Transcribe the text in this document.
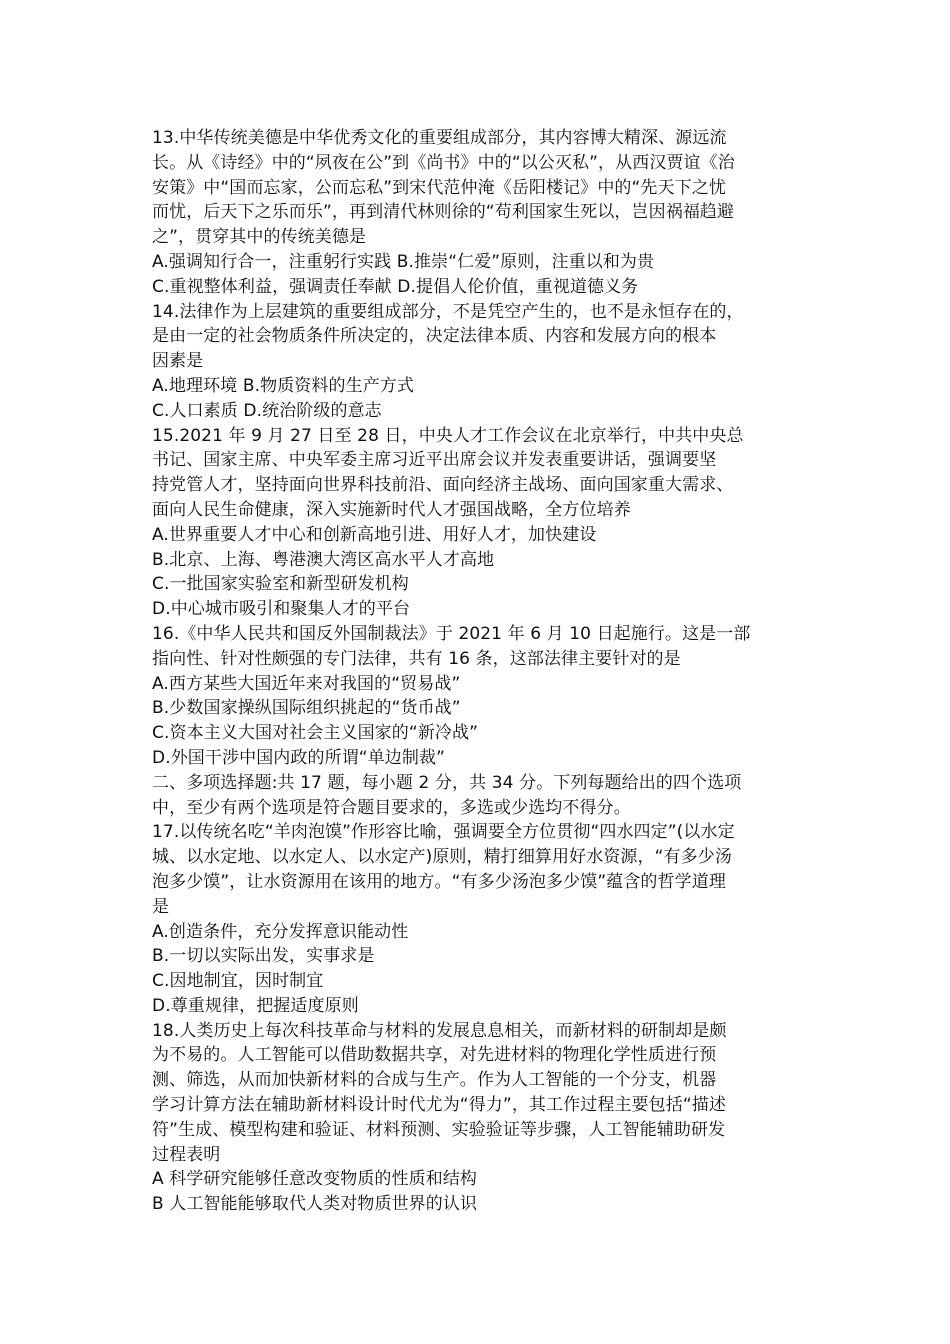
13.中华传统美德是中华优秀文化的重要组成部分，其内容博大精深、源远流
长。从《诗经》中的“夙夜在公”到《尚书》中的“以公灭私”，从西汉贾谊《治
安策》中“国而忘家，公而忘私”到宋代范仲淹《岳阳楼记》中的“先天下之忧
而忧，后天下之乐而乐”，再到清代林则徐的“苟利国家生死以，岂因祸福趋避
之”，贯穿其中的传统美德是
A.强调知行合一，注重躬行实践 B.推崇“仁爱”原则，注重以和为贵
C.重视整体利益，强调责任奉献 D.提倡人伦价值，重视道德义务
14.法律作为上层建筑的重要组成部分，不是凭空产生的，也不是永恒存在的，
是由一定的社会物质条件所决定的，决定法律本质、内容和发展方向的根本
因素是
A.地理环境 B.物质资料的生产方式
C.人口素质 D.统治阶级的意志
15.2021 年 9 月 27 日至 28 日，中央人才工作会议在北京举行，中共中央总
书记、国家主席、中央军委主席习近平出席会议并发表重要讲话，强调要坚
持党管人才，坚持面向世界科技前沿、面向经济主战场、面向国家重大需求、
面向人民生命健康，深入实施新时代人才强国战略，全方位培养
A.世界重要人才中心和创新高地引进、用好人才，加快建设
B.北京、上海、粤港澳大湾区高水平人才高地
C.一批国家实验室和新型研发机构
D.中心城市吸引和聚集人才的平台
16.《中华人民共和国反外国制裁法》于 2021 年 6 月 10 日起施行。这是一部
指向性、针对性颇强的专门法律，共有 16 条，这部法律主要针对的是
A.西方某些大国近年来对我国的“贸易战”
B.少数国家操纵国际组织挑起的“货币战”
C.资本主义大国对社会主义国家的“新冷战”
D.外国干涉中国内政的所谓“单边制裁”
二、多项选择题:共 17 题，每小题 2 分，共 34 分。下列每题给出的四个选项
中，至少有两个选项是符合题目要求的，多选或少选均不得分。
17.以传统名吃“羊肉泡馍”作形容比喻，强调要全方位贯彻“四水四定”(以水定
城、以水定地、以水定人、以水定产)原则，精打细算用好水资源，“有多少汤
泡多少馍”，让水资源用在该用的地方。“有多少汤泡多少馍”蕴含的哲学道理
是
A.创造条件，充分发挥意识能动性
B.一切以实际出发，实事求是
C.因地制宜，因时制宜
D.尊重规律，把握适度原则
18.人类历史上每次科技革命与材料的发展息息相关，而新材料的研制却是颇
为不易的。人工智能可以借助数据共享，对先进材料的物理化学性质进行预
测、筛选，从而加快新材料的合成与生产。作为人工智能的一个分支，机器
学习计算方法在辅助新材料设计时代尤为“得力”，其工作过程主要包括“描述
符”生成、模型构建和验证、材料预测、实验验证等步骤，人工智能辅助研发
过程表明
A 科学研究能够任意改变物质的性质和结构
B 人工智能能够取代人类对物质世界的认识
